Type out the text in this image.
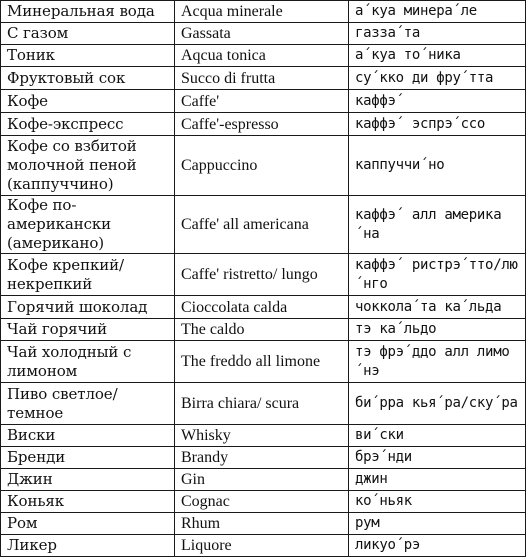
Минеральная вода	Acqua minerale	а´куа минера´ле
С газом	Gassata	газза´та
Тоник	Aqcua tonica	а´куа то´ника
Фруктовый сок	Succo di frutta	су´кко ди фру´тта
Кофе	Caffe'	каффэ´
Кофе-экспресс	Caffe'-espresso	каффэ´ эспрэ´ссо
Кофе со взбитой молочной пеной (каппуччино)	Cappuccino	каппуччи´но
Кофе по-американски (американо)	Caffe' all americana	каффэ´ алл америка´на
Кофе крепкий/некрепкий	Caffe' ristretto/ lungo	каффэ´ ристрэ´тто/лю´нго
Горячий шоколад	Cioccolata calda	чоккола´та ка´льда
Чай горячий	The caldo	тэ ка´льдо
Чай холодный с лимоном	The freddo all limone	тэ фрэ´ддо алл лимо´нэ
Пиво светлое/темное	Birra chiara/ scura	би´рра кья´ра/ску´ра
Виски	Whisky	ви´ски
Бренди	Brandy	брэ´нди
Джин	Gin	джин
Коньяк	Cognac	ко´ньяк
Ром	Rhum	рум
Ликер	Liquore	ликуо´рэ
